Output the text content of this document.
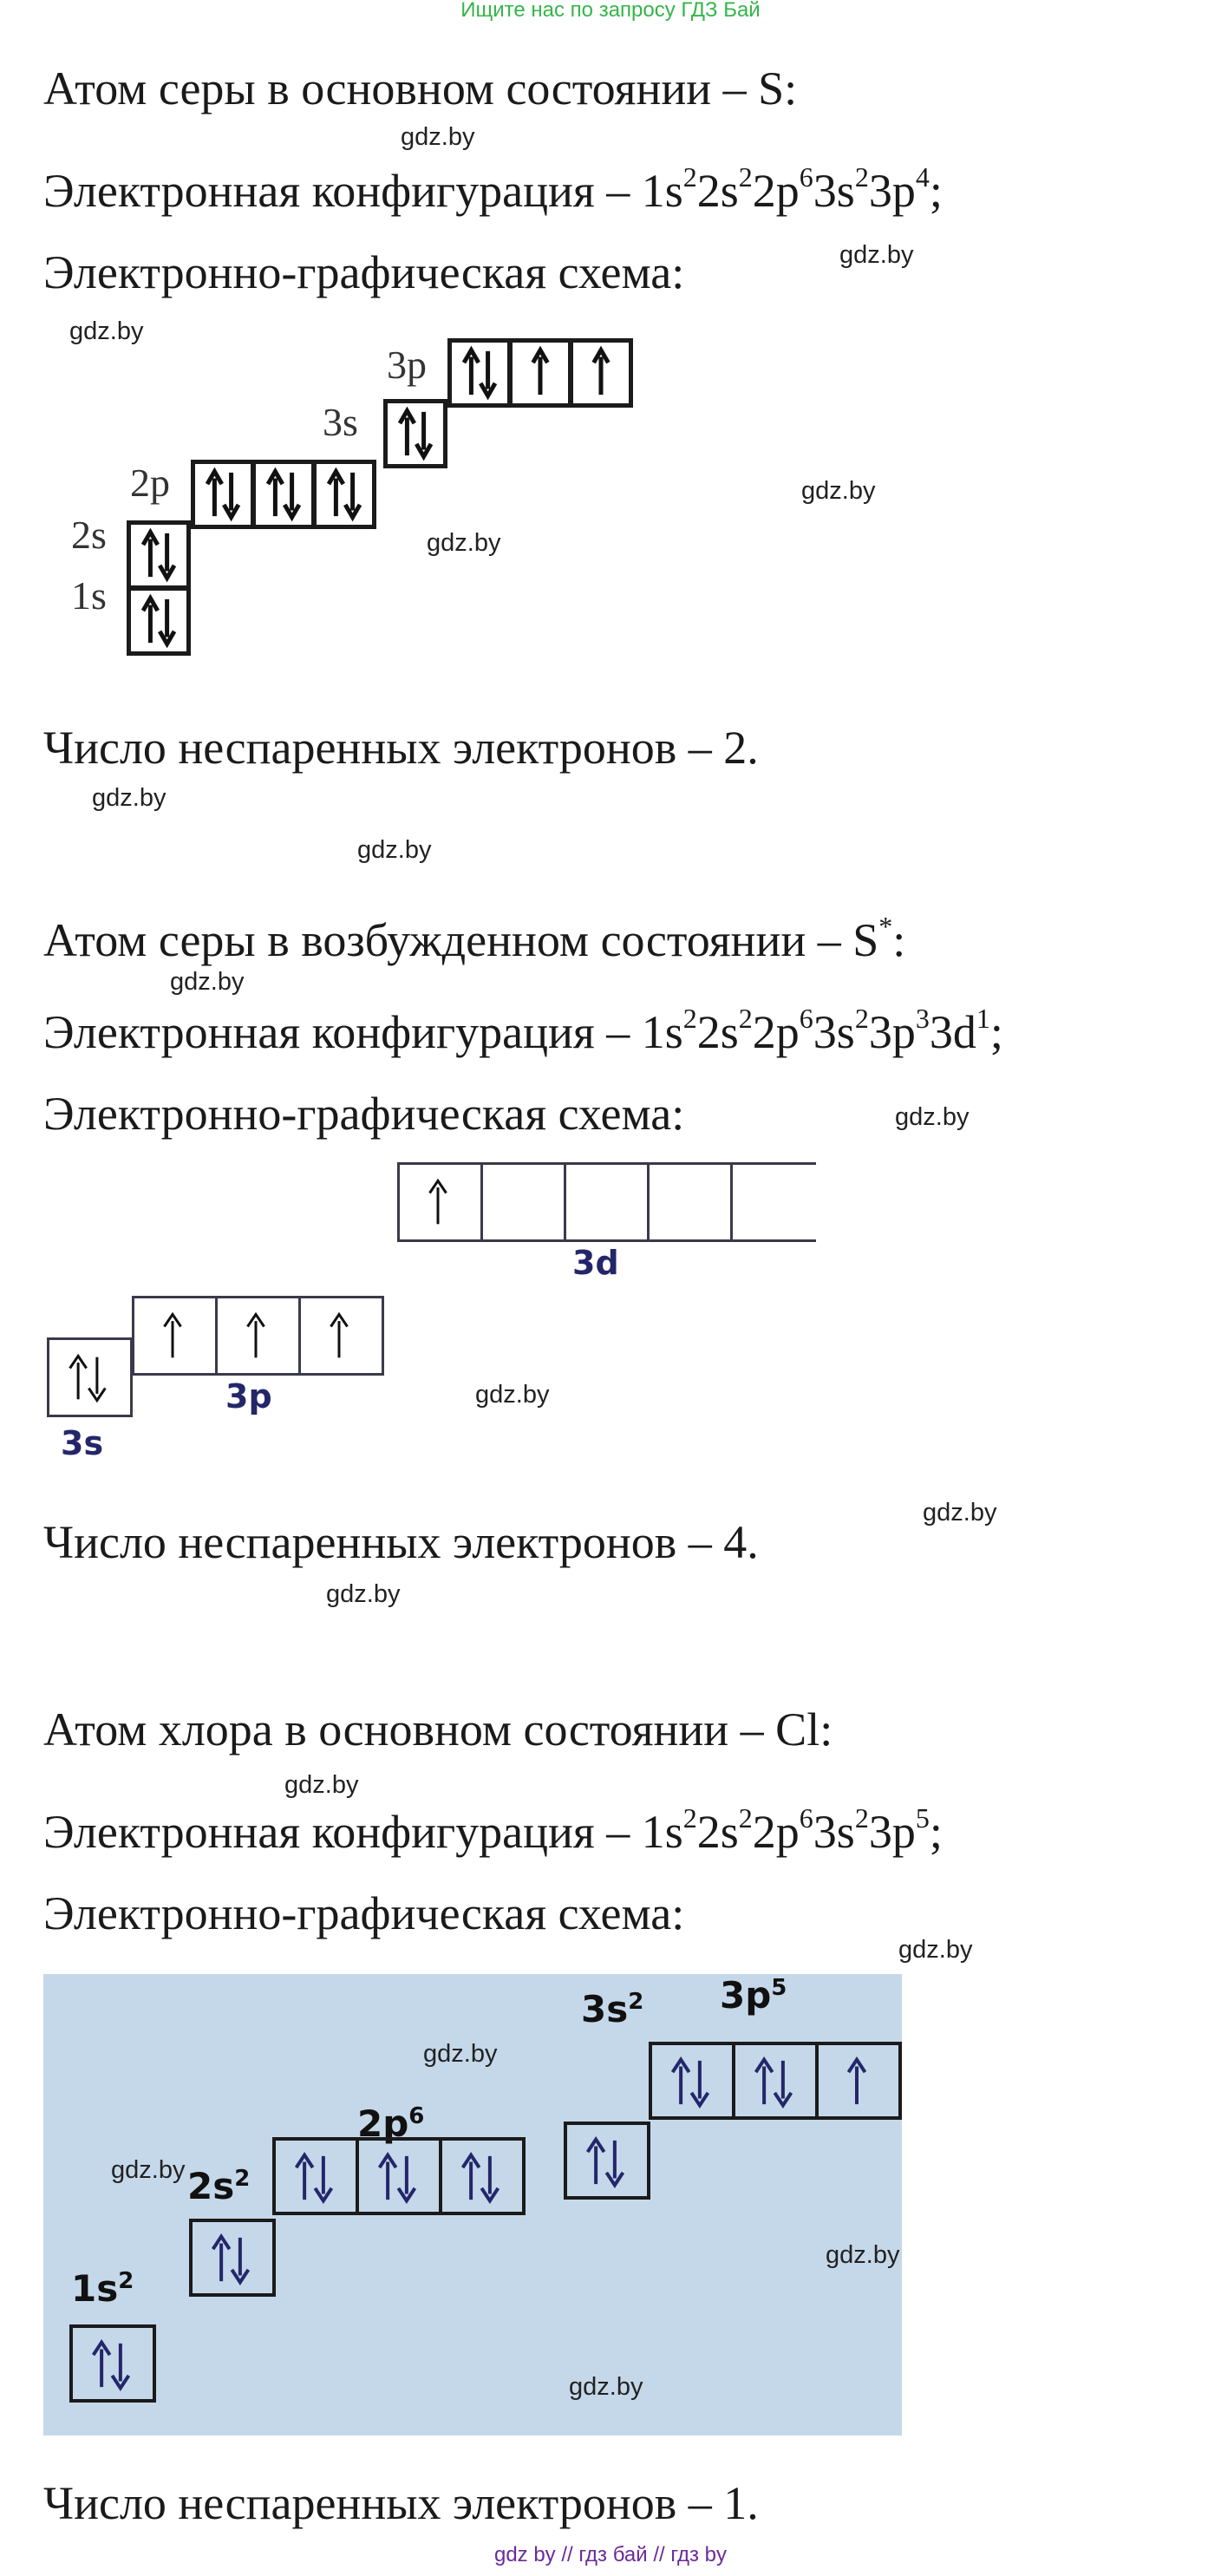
Ищите нас по запросу ГДЗ Бай
Атом серы в основном состоянии – S:
Электронная конфигурация – $1s^22s^22p^63s^23p^4$;
Электронно-графическая схема:
1s
2s
2p
3s
3p
Число неспаренных электронов – 2.
Атом серы в возбужденном состоянии – S*:
Электронная конфигурация – $1s^22s^22p^63s^23p^33d^1$;
Электронно-графическая схема:
3s
3p
3d
Число неспаренных электронов – 4.
Атом хлора в основном состоянии – Cl:
Электронная конфигурация – $1s^22s^22p^63s^23p^5$;
Электронно-графическая схема:
$1s^2$
$2s^2$
$2p^6$
$3s^2$ $3p^5$
Число неспаренных электронов – 1.
gdz.by
gdz.by
gdz.by
gdz.by
gdz.by
gdz.by
gdz.by
gdz.by
gdz.by
gdz.by
gdz.by
gdz.by
gdz.by
gdz.by
gdz.by
gdz.by
gdz.by
gdz.by
gdz by // гдз бай // гдз by
